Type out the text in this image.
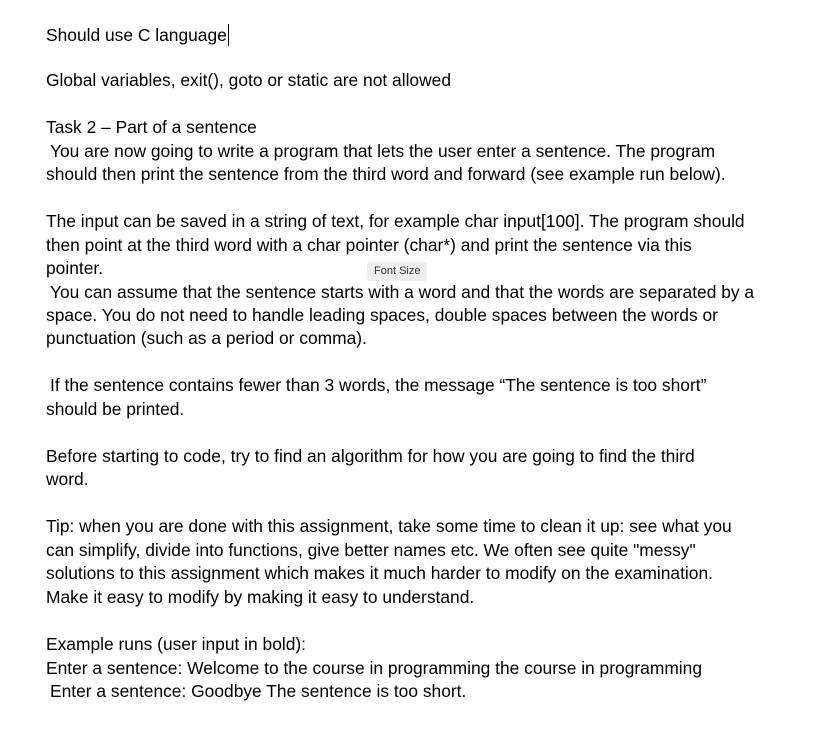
Should use C language
Global variables, exit(), goto or static are not allowed
Task 2 – Part of a sentence
You are now going to write a program that lets the user enter a sentence. The program
should then print the sentence from the third word and forward (see example run below).
The input can be saved in a string of text, for example char input[100]. The program should
then point at the third word with a char pointer (char*) and print the sentence via this
pointer.
You can assume that the sentence starts with a word and that the words are separated by a
space. You do not need to handle leading spaces, double spaces between the words or
punctuation (such as a period or comma).
If the sentence contains fewer than 3 words, the message “The sentence is too short”
should be printed.
Before starting to code, try to find an algorithm for how you are going to find the third
word.
Tip: when you are done with this assignment, take some time to clean it up: see what you
can simplify, divide into functions, give better names etc. We often see quite "messy"
solutions to this assignment which makes it much harder to modify on the examination.
Make it easy to modify by making it easy to understand.
Example runs (user input in bold):
Enter a sentence: Welcome to the course in programming the course in programming
Enter a sentence: Goodbye The sentence is too short.
Font Size
